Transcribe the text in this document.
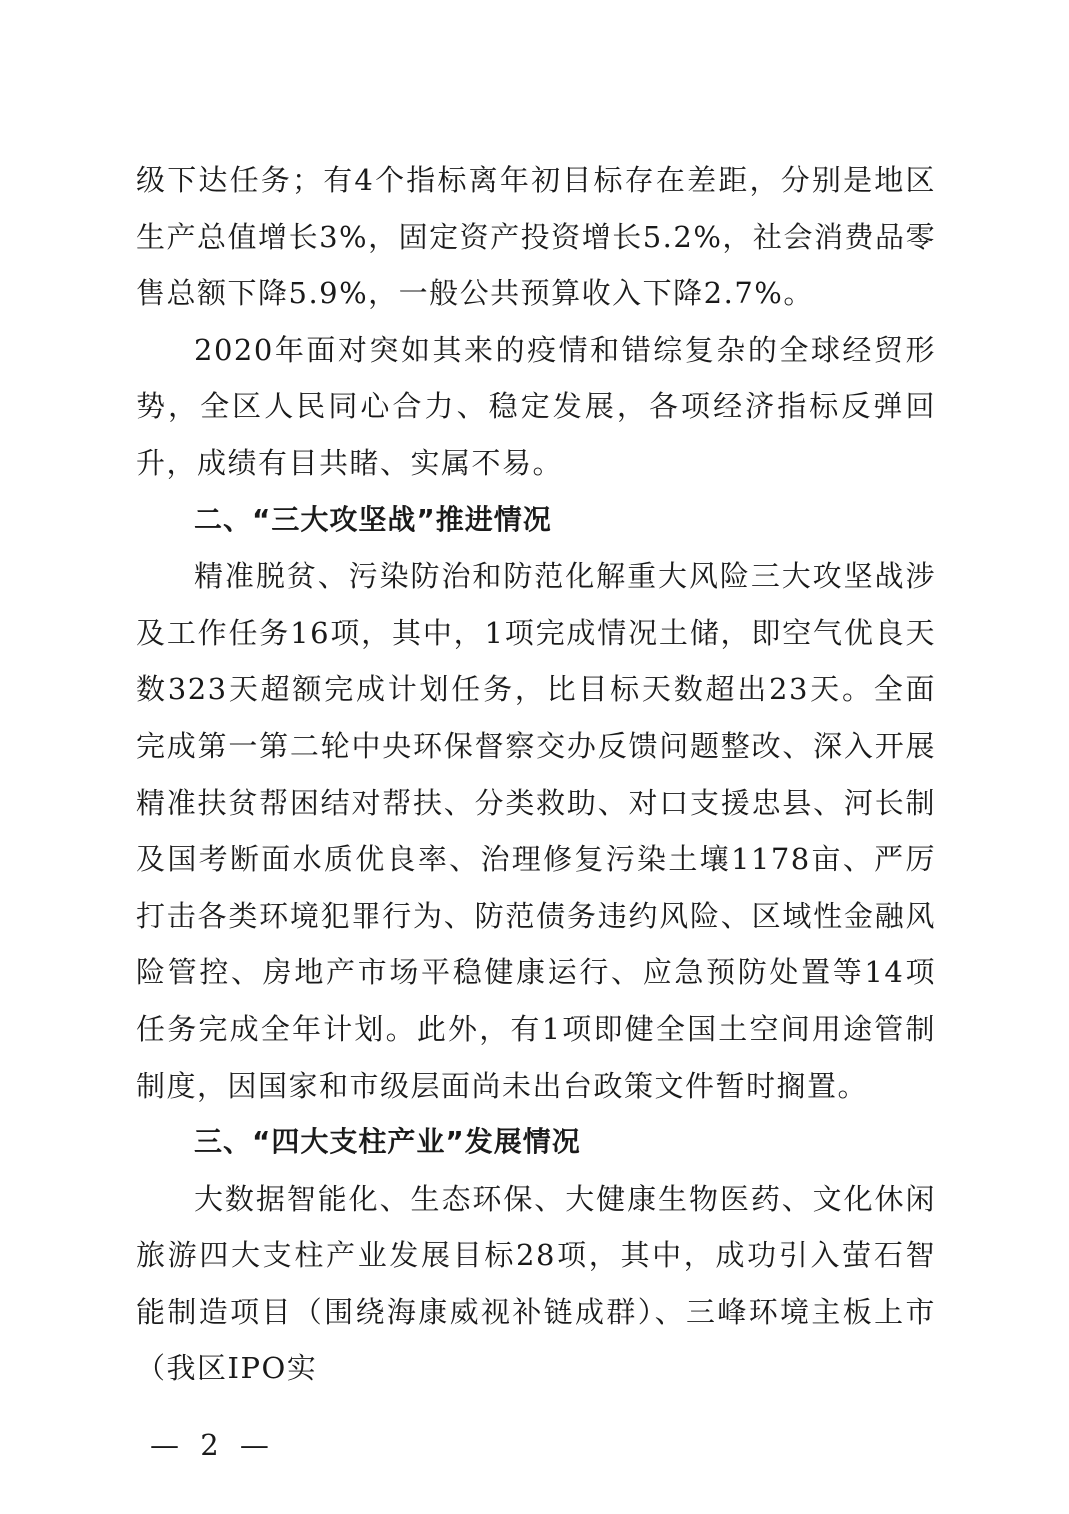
级下达任务；有4个指标离年初目标存在差距，分别是地区生产总值增长3%，固定资产投资增长5.2%，社会消费品零售总额下降5.9%，一般公共预算收入下降2.7%。

2020年面对突如其来的疫情和错综复杂的全球经贸形势，全区人民同心合力、稳定发展，各项经济指标反弹回升，成绩有目共睹、实属不易。

二、“三大攻坚战”推进情况

精准脱贫、污染防治和防范化解重大风险三大攻坚战涉及工作任务16项，其中，1项完成情况土储，即空气优良天数323天超额完成计划任务，比目标天数超出23天。全面完成第一第二轮中央环保督察交办反馈问题整改、深入开展精准扶贫帮困结对帮扶、分类救助、对口支援忠县、河长制及国考断面水质优良率、治理修复污染土壤1178亩、严厉打击各类环境犯罪行为、防范债务违约风险、区域性金融风险管控、房地产市场平稳健康运行、应急预防处置等14项任务完成全年计划。此外，有1项即健全国土空间用途管制制度，因国家和市级层面尚未出台政策文件暂时搁置。

三、“四大支柱产业”发展情况

大数据智能化、生态环保、大健康生物医药、文化休闲旅游四大支柱产业发展目标28项，其中，成功引入萤石智能制造项目（围绕海康威视补链成群）、三峰环境主板上市（我区IPO实

— 2 —
